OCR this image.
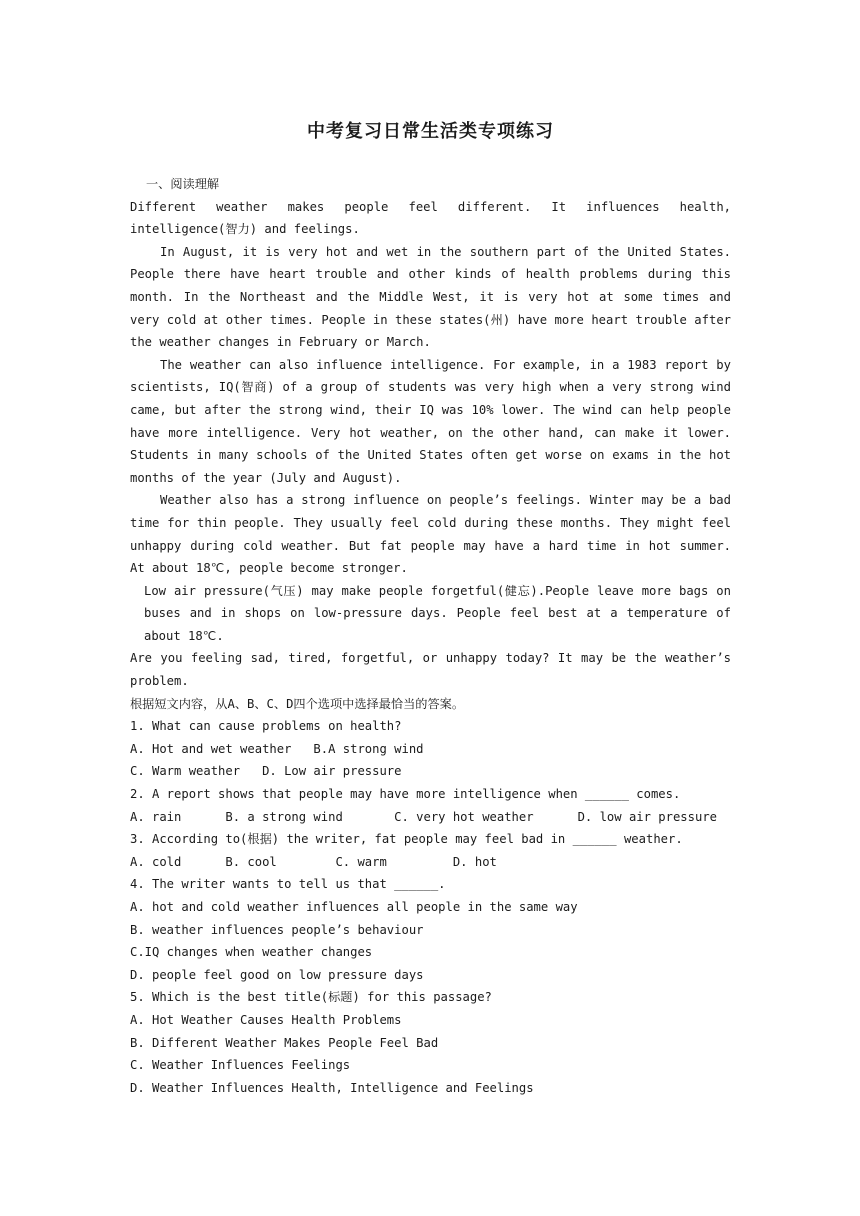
中考复习日常生活类专项练习

一、阅读理解

Different weather makes people feel different. It influences health, intelligence(智力) and feelings.

In August, it is very hot and wet in the southern part of the United States. People there have heart trouble and other kinds of health problems during this month. In the Northeast and the Middle West, it is very hot at some times and very cold at other times. People in these states(州) have more heart trouble after the weather changes in February or March.

The weather can also influence intelligence. For example, in a 1983 report by scientists, IQ(智商) of a group of students was very high when a very strong wind came, but after the strong wind, their IQ was 10% lower. The wind can help people have more intelligence. Very hot weather, on the other hand, can make it lower. Students in many schools of the United States often get worse on exams in the hot months of the year (July and August).

Weather also has a strong influence on people’s feelings. Winter may be a bad time for thin people. They usually feel cold during these months. They might feel unhappy during cold weather. But fat people may have a hard time in hot summer. At about 18℃, people become stronger.

Low air pressure(气压) may make people forgetful(健忘).People leave more bags on buses and in shops on low-pressure days. People feel best at a temperature of about 18℃.

Are you feeling sad, tired, forgetful, or unhappy today? It may be the weather’s problem.

根据短文内容，从A、B、C、D四个选项中选择最恰当的答案。

1. What can cause problems on health?

A. Hot and wet weather   B.A strong wind

C. Warm weather   D. Low air pressure

2. A report shows that people may have more intelligence when ______ comes.

A. rain      B. a strong wind       C. very hot weather      D. low air pressure

3. According to(根据) the writer, fat people may feel bad in ______ weather.

A. cold      B. cool        C. warm         D. hot

4. The writer wants to tell us that ______.

A. hot and cold weather influences all people in the same way

B. weather influences people’s behaviour

C.IQ changes when weather changes

D. people feel good on low pressure days

5. Which is the best title(标题) for this passage?

A. Hot Weather Causes Health Problems

B. Different Weather Makes People Feel Bad

C. Weather Influences Feelings

D. Weather Influences Health, Intelligence and Feelings
